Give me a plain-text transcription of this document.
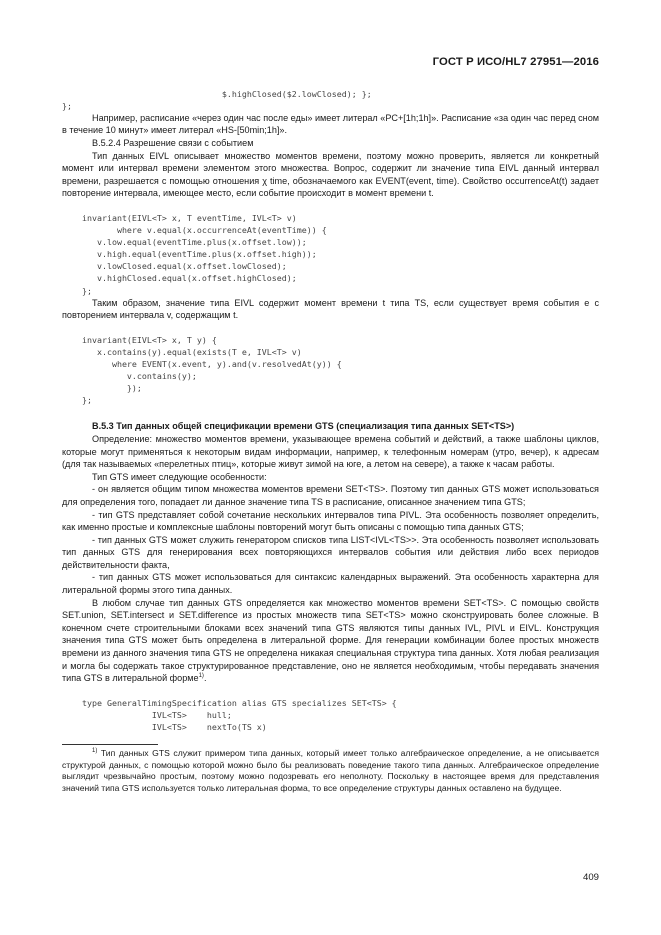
ГОСТ Р ИСО/HL7 27951—2016
$.highClosed($2.lowClosed); };
};

Например, расписание «через один час после еды» имеет литерал «PC+[1h;1h]». Расписание «за один час перед сном в течение 10 минут» имеет литерал «HS-[50min;1h]».

B.5.2.4 Разрешение связи с событием

Тип данных EIVL описывает множество моментов времени, поэтому можно проверить, является ли конкретный момент или интервал времени элементом этого множества. Вопрос, содержит ли значение типа EIVL данный интервал времени, разрешается с помощью отношения χ time, обозначаемого как EVENT(event, time). Свойство occurrenceAt(t) задает повторение интервала, имеющее место, если событие происходит в момент времени t.

invariant(EIVL<T> x, T eventTime, IVL<T> v)
where v.equal(x.occurrenceAt(eventTime)) {
v.low.equal(eventTime.plus(x.offset.low));
v.high.equal(eventTime.plus(x.offset.high));
v.lowClosed.equal(x.offset.lowClosed);
v.highClosed.equal(x.offset.highClosed);
};

Таким образом, значение типа EIVL содержит момент времени t типа TS, если существует время события e с повторением интервала v, содержащим t.

invariant(EIVL<T> x, T y) {
x.contains(y).equal(exists(T e, IVL<T> v)
where EVENT(x.event, y).and(v.resolvedAt(y)) {
v.contains(y);
});
};

B.5.3 Тип данных общей спецификации времени GTS (специализация типа данных SET<TS>)

Определение: множество моментов времени, указывающее времена событий и действий, а также шаблоны циклов, которые могут применяться к некоторым видам информации, например, к телефонным номерам (утро, вечер), к адресам (для так называемых «перелетных птиц», которые живут зимой на юге, а летом на севере), а также к часам работы.

Тип GTS имеет следующие особенности:

- он является общим типом множества моментов времени SET<TS>. Поэтому тип данных GTS может использоваться для определения того, попадает ли данное значение типа TS в расписание, описанное значением типа GTS;

- тип GTS представляет собой сочетание нескольких интервалов типа PIVL. Эта особенность позволяет определить, как именно простые и комплексные шаблоны повторений могут быть описаны с помощью типа данных GTS;

- тип данных GTS может служить генератором списков типа LIST<IVL<TS>>. Эта особенность позволяет использовать тип данных GTS для генерирования всех повторяющихся интервалов события или действия либо всех периодов действительности факта,

- тип данных GTS может использоваться для синтаксис календарных выражений. Эта особенность характерна для литеральной формы этого типа данных.

В любом случае тип данных GTS определяется как множество моментов времени SET<TS>. С помощью свойств SET.union, SET.intersect и SET.difference из простых множеств типа SET<TS> можно сконструировать более сложные. В конечном счете строительными блоками всех значений типа GTS являются типы данных IVL, PIVL и EIVL. Конструкция значения типа GTS может быть определена в литеральной форме. Для генерации комбинации более простых множеств времени из данного значения типа GTS не определена никакая специальная структура типа данных. Хотя любая реализация и могла бы содержать такое структурированное представление, оно не является необходимым, чтобы передавать значения типа GTS в литеральной форме$^{1)}$.

type GeneralTimingSpecification alias GTS specializes SET<TS> {
IVL<TS>    hull;
IVL<TS>    nextTo(TS x)

$^{1)}$ Тип данных GTS служит примером типа данных, который имеет только алгебраическое определение, а не описывается структурой данных, с помощью которой можно было бы реализовать поведение такого типа данных. Алгебраическое определение выглядит чрезвычайно простым, поэтому можно подозревать его неполноту. Поскольку в настоящее время для представления значений типа GTS используется только литеральная форма, то все определение структуры данных оставлено на будущее.

409
